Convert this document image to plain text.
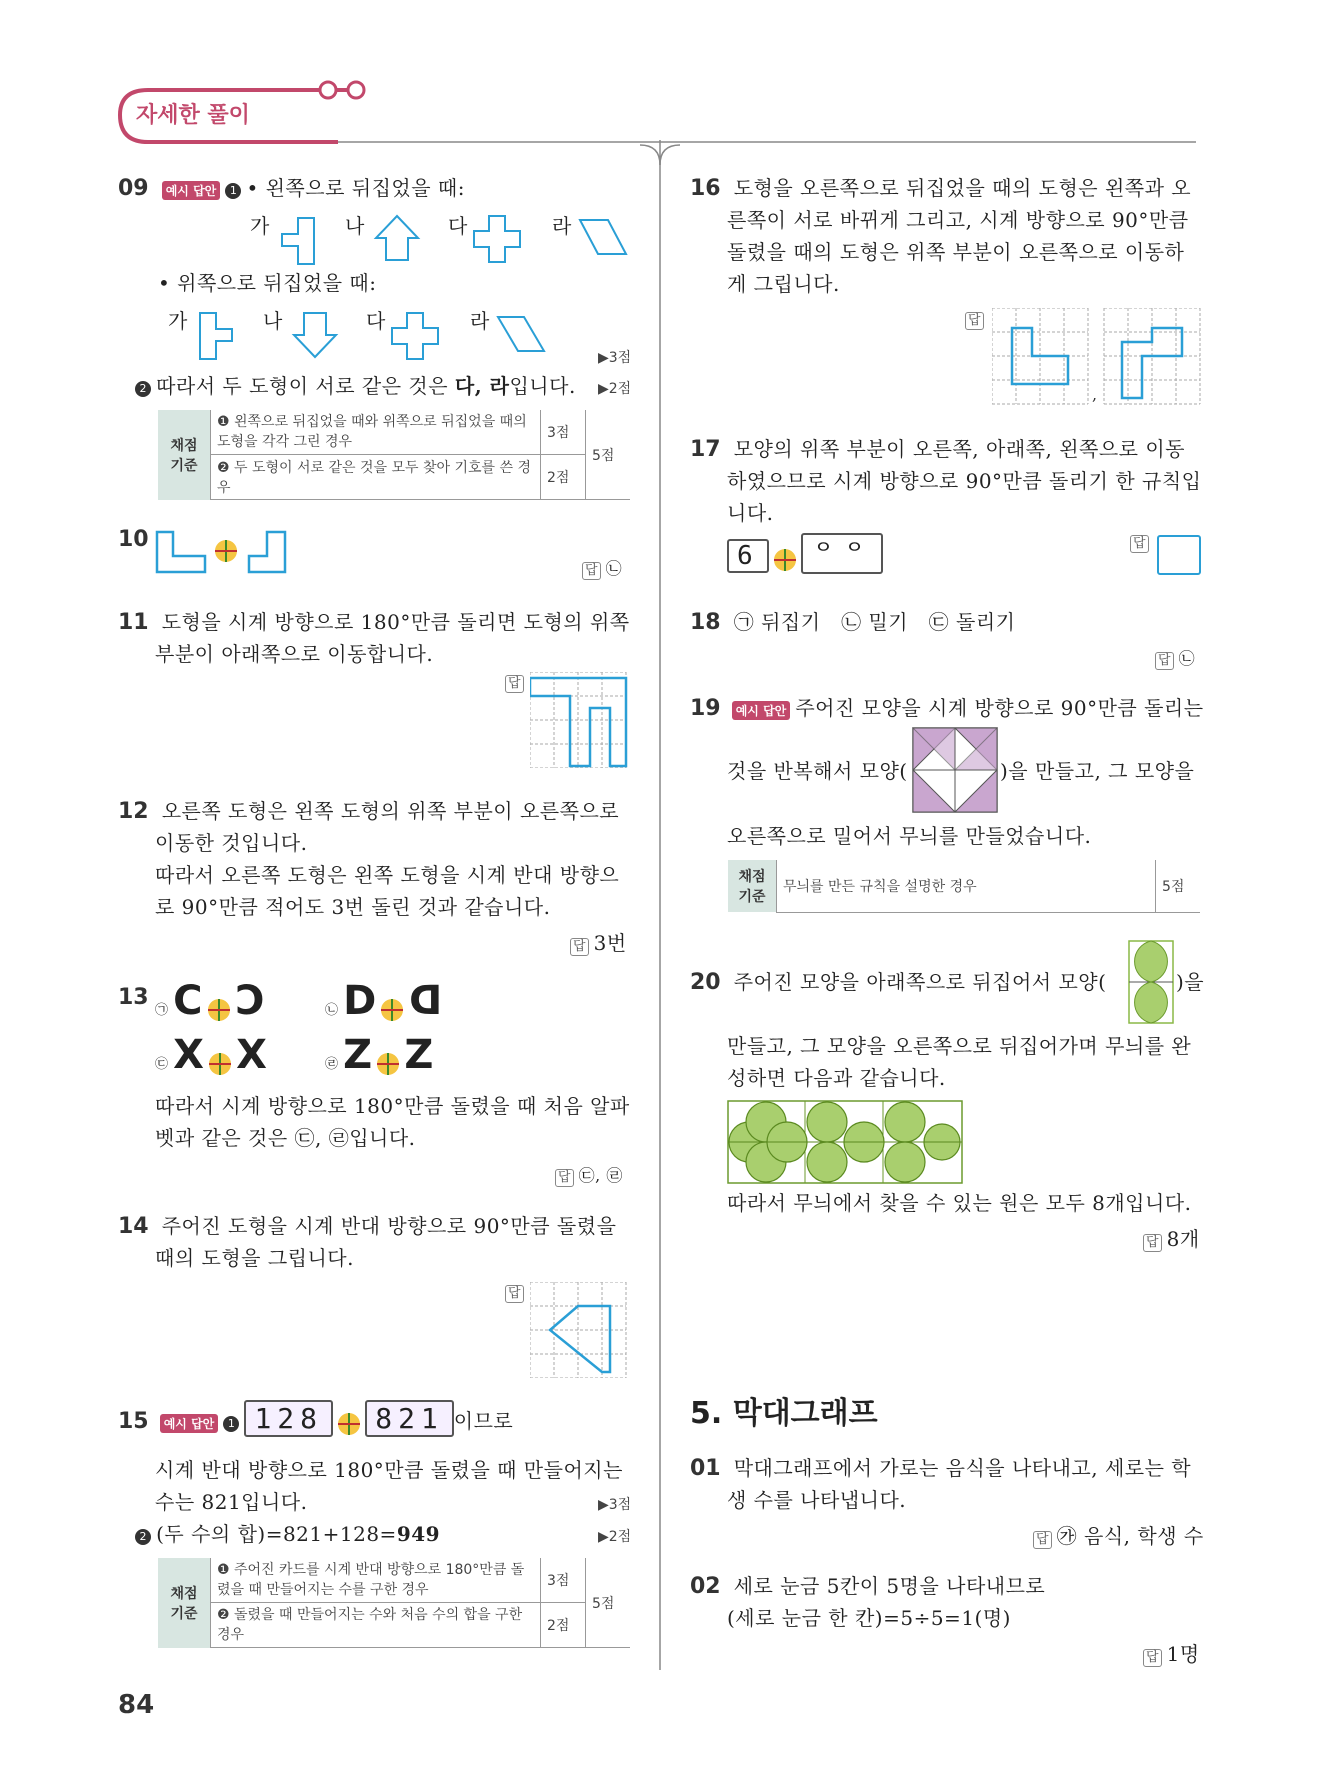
자세한 풀이
09 예시 답안 1 • 왼쪽으로 뒤집었을 때:
가	나	다	라
• 위쪽으로 뒤집었을 때:
가	나	다	라
▶3점
2 따라서 두 도형이 서로 같은 것은 다, 라입니다.	▶2점
채점 기준	❶ 왼쪽으로 뒤집었을 때와 위쪽으로 뒤집었을 때의 도형을 각각 그린 경우	3점	5점
	❷ 두 도형이 서로 같은 것을 모두 찾아 기호를 쓴 경우	2점	
10
답 ㉡
11 도형을 시계 방향으로 180°만큼 돌리면 도형의 위쪽
부분이 아래쪽으로 이동합니다.
답
12 오른쪽 도형은 왼쪽 도형의 위쪽 부분이 오른쪽으로
이동한 것입니다.
따라서 오른쪽 도형은 왼쪽 도형을 시계 반대 방향으
로 90°만큼 적어도 3번 돌린 것과 같습니다.
답 3번
13
㉠ C C	㉡ D D
㉢ X X	㉣ Z Z
따라서 시계 방향으로 180°만큼 돌렸을 때 처음 알파
벳과 같은 것은 ㉢, ㉣입니다.
답 ㉢, ㉣
14 주어진 도형을 시계 반대 방향으로 90°만큼 돌렸을
때의 도형을 그립니다.
답
15 예시 답안 1 128 821 이므로
시계 반대 방향으로 180°만큼 돌렸을 때 만들어지는
수는 821입니다.	▶3점
2 (두 수의 합)=821+128=949	▶2점
채점 기준	❶ 주어진 카드를 시계 반대 방향으로 180°만큼 돌렸을 때 만들어지는 수를 구한 경우	3점	5점
	❷ 돌렸을 때 만들어지는 수와 처음 수의 합을 구한 경우	2점	
84
16 도형을 오른쪽으로 뒤집었을 때의 도형은 왼쪽과 오
른쪽이 서로 바뀌게 그리고, 시계 방향으로 90°만큼
돌렸을 때의 도형은 위쪽 부분이 오른쪽으로 이동하
게 그립니다.
답
,
17 모양의 위쪽 부분이 오른쪽, 아래쪽, 왼쪽으로 이동
하였으므로 시계 방향으로 90°만큼 돌리기 한 규칙입
니다.
6 ᄋᄋ	답
18 ㉠ 뒤집기   ㉡ 밀기   ㉢ 돌리기
답 ㉡
19 예시 답안 주어진 모양을 시계 방향으로 90°만큼 돌리는
것을 반복해서 모양(	)을 만들고, 그 모양을
오른쪽으로 밀어서 무늬를 만들었습니다.
채점 기준	무늬를 만든 규칙을 설명한 경우	5점
20 주어진 모양을 아래쪽으로 뒤집어서 모양(	)을
만들고, 그 모양을 오른쪽으로 뒤집어가며 무늬를 완
성하면 다음과 같습니다.
따라서 무늬에서 찾을 수 있는 원은 모두 8개입니다.
답 8개
5. 막대그래프
01 막대그래프에서 가로는 음식을 나타내고, 세로는 학
생 수를 나타냅니다.
답 ㉮ 음식, 학생 수
02 세로 눈금 5칸이 5명을 나타내므로
(세로 눈금 한 칸)=5÷5=1(명)
답 1명
